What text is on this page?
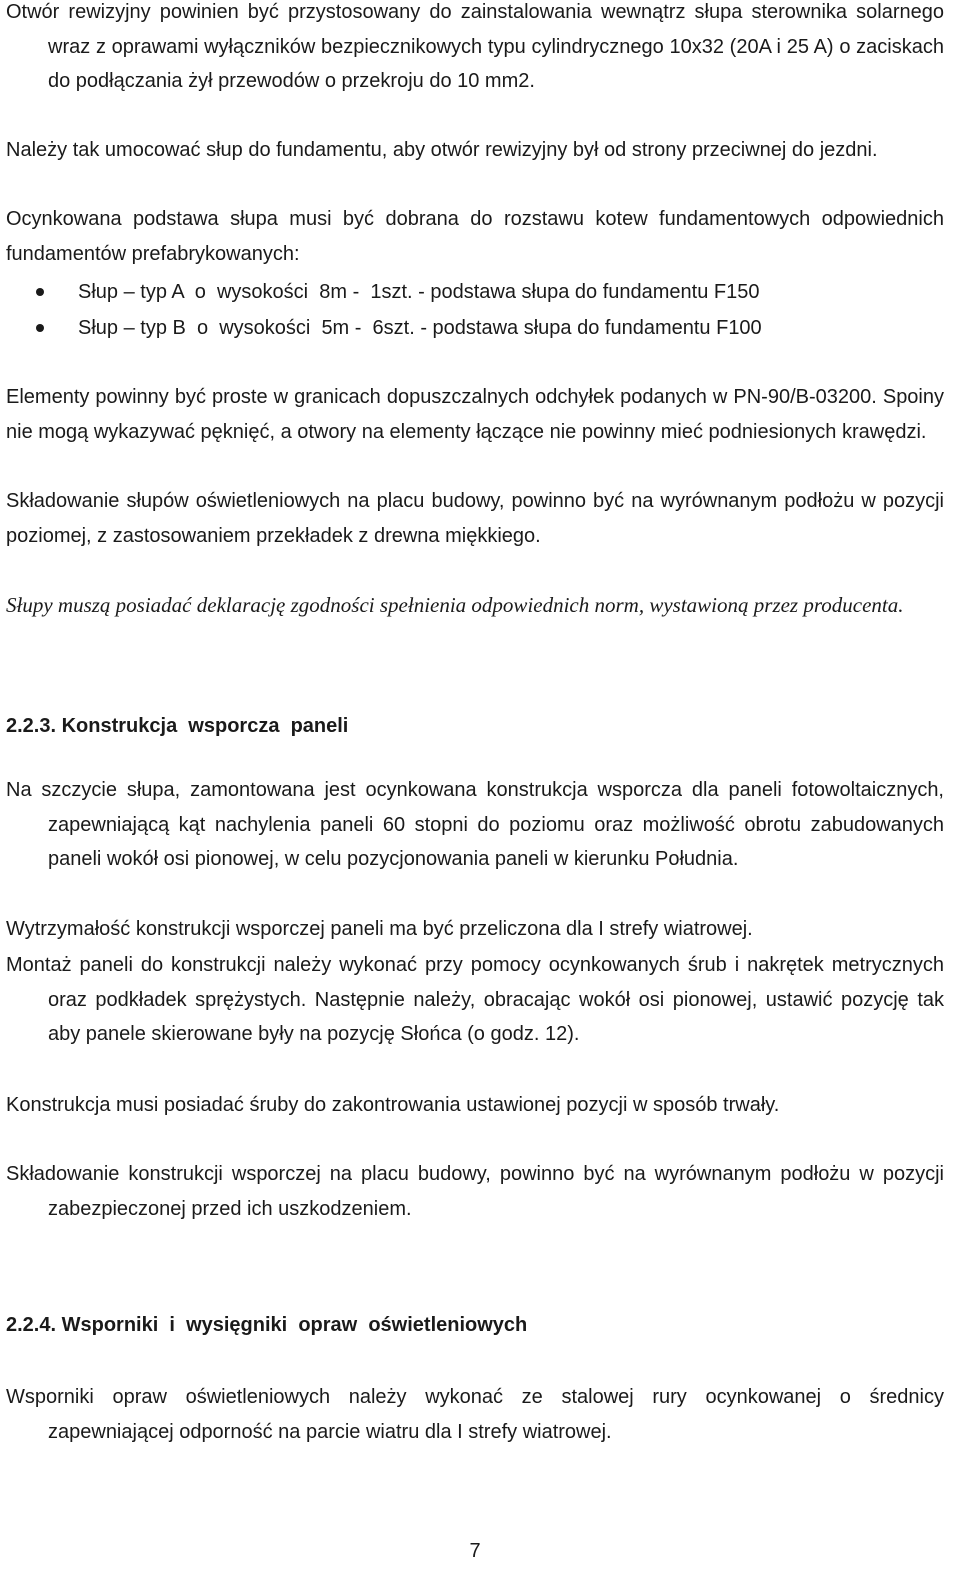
Otwór rewizyjny powinien być przystosowany do zainstalowania wewnątrz słupa sterownika solarnego wraz z oprawami wyłączników bezpiecznikowych typu cylindrycznego 10x32 (20A i 25 A) o zaciskach do podłączania żył przewodów o przekroju do 10 mm2.

Należy tak umocować słup do fundamentu, aby otwór rewizyjny był od strony przeciwnej do jezdni.

Ocynkowana podstawa słupa musi być dobrana do rozstawu kotew fundamentowych odpowiednich fundamentów prefabrykowanych:

Słup – typ A  o  wysokości  8m -  1szt. - podstawa słupa do fundamentu F150
Słup – typ B  o  wysokości  5m -  6szt. - podstawa słupa do fundamentu F100

Elementy powinny być proste w granicach dopuszczalnych odchyłek podanych w PN-90/B-03200. Spoiny nie mogą wykazywać pęknięć, a otwory na elementy łączące nie powinny mieć podniesionych krawędzi.

Składowanie słupów oświetleniowych na placu budowy, powinno być na wyrównanym podłożu w pozycji poziomej, z zastosowaniem przekładek z drewna miękkiego.

Słupy muszą posiadać deklarację zgodności spełnienia odpowiednich norm, wystawioną przez producenta.

2.2.3. Konstrukcja  wsporcza  paneli

Na szczycie słupa, zamontowana jest ocynkowana konstrukcja wsporcza dla paneli fotowoltaicznych, zapewniającą kąt nachylenia paneli 60 stopni do poziomu oraz możliwość obrotu zabudowanych paneli wokół osi pionowej, w celu pozycjonowania paneli w kierunku Południa.

Wytrzymałość konstrukcji wsporczej paneli ma być przeliczona dla I strefy wiatrowej.

Montaż paneli do konstrukcji należy wykonać przy pomocy ocynkowanych śrub i nakrętek metrycznych oraz podkładek sprężystych. Następnie należy, obracając wokół osi pionowej, ustawić pozycję tak aby panele skierowane były na pozycję Słońca (o godz. 12).

Konstrukcja musi posiadać śruby do zakontrowania ustawionej pozycji w sposób trwały.

Składowanie konstrukcji wsporczej na placu budowy, powinno być na wyrównanym podłożu w pozycji zabezpieczonej przed ich uszkodzeniem.

2.2.4. Wsporniki  i  wysięgniki  opraw  oświetleniowych

Wsporniki opraw oświetleniowych należy wykonać ze stalowej rury ocynkowanej o średnicy zapewniającej odporność na parcie wiatru dla I strefy wiatrowej.

7
